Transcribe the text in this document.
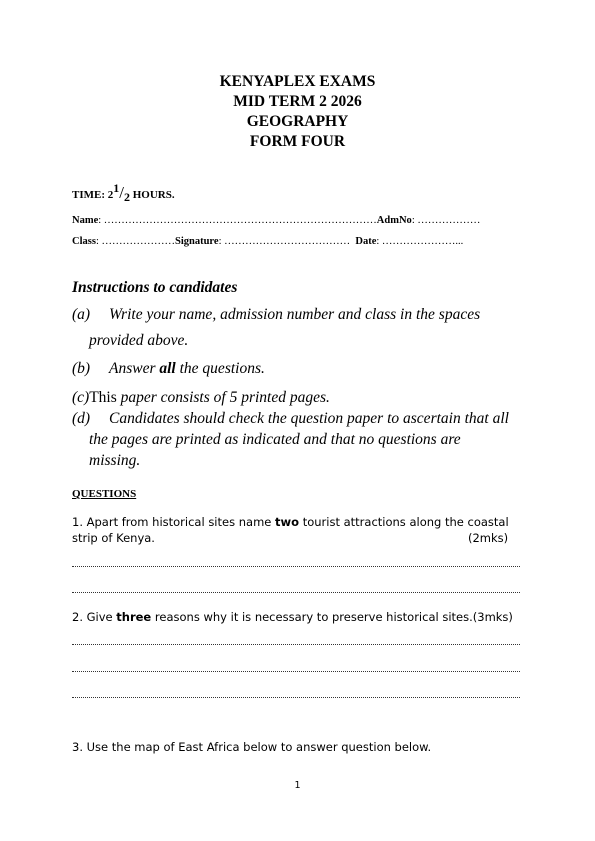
KENYAPLEX EXAMS
MID TERM 2 2026
GEOGRAPHY
FORM FOUR
TIME: $2^1/_2$ HOURS.
Name: ……………………………………………………………………AdmNo: ………………
Class: …………………Signature: ……………………………… Date: …………………...
Instructions to candidates
(a) Write your name, admission number and class in the spaces
provided above.
(b) Answer all the questions.
(c)This paper consists of 5 printed pages.
(d) Candidates should check the question paper to ascertain that all
the pages are printed as indicated and that no questions are
missing.
QUESTIONS
1. Apart from historical sites name two tourist attractions along the coastal
strip of Kenya.	(2mks)
2. Give three reasons why it is necessary to preserve historical sites.(3mks)
3. Use the map of East Africa below to answer question below.
1
